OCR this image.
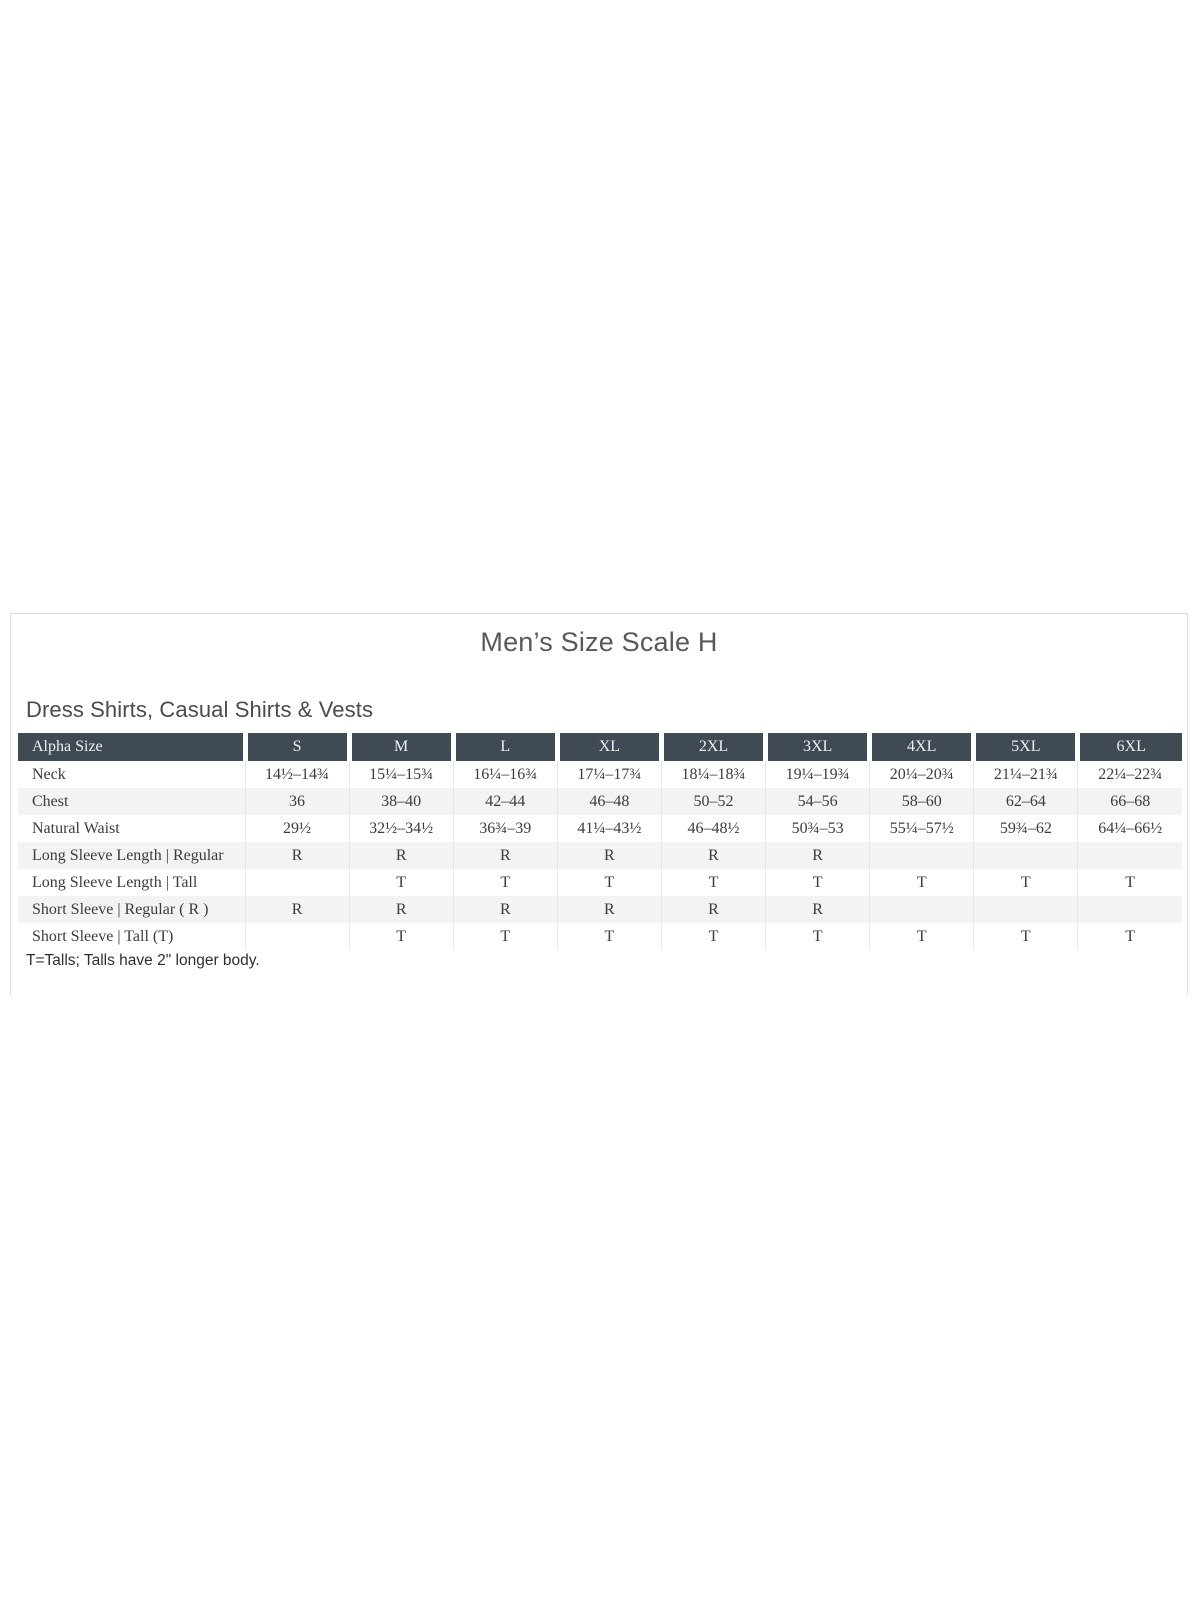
Men’s Size Scale H
Dress Shirts, Casual Shirts & Vests
Alpha Size	S	M	L	XL	2XL	3XL	4XL	5XL	6XL
Neck	14½–14¾	15¼–15¾	16¼–16¾	17¼–17¾	18¼–18¾	19¼–19¾	20¼–20¾	21¼–21¾	22¼–22¾
Chest	36	38–40	42–44	46–48	50–52	54–56	58–60	62–64	66–68
Natural Waist	29½	32½–34½	36¾–39	41¼–43½	46–48½	50¾–53	55¼–57½	59¾–62	64¼–66½
Long Sleeve Length | Regular	R	R	R	R	R	R			
Long Sleeve Length | Tall		T	T	T	T	T	T	T	T
Short Sleeve | Regular ( R )	R	R	R	R	R	R			
Short Sleeve | Tall (T)		T	T	T	T	T	T	T	T
T=Talls; Talls have 2" longer body.
